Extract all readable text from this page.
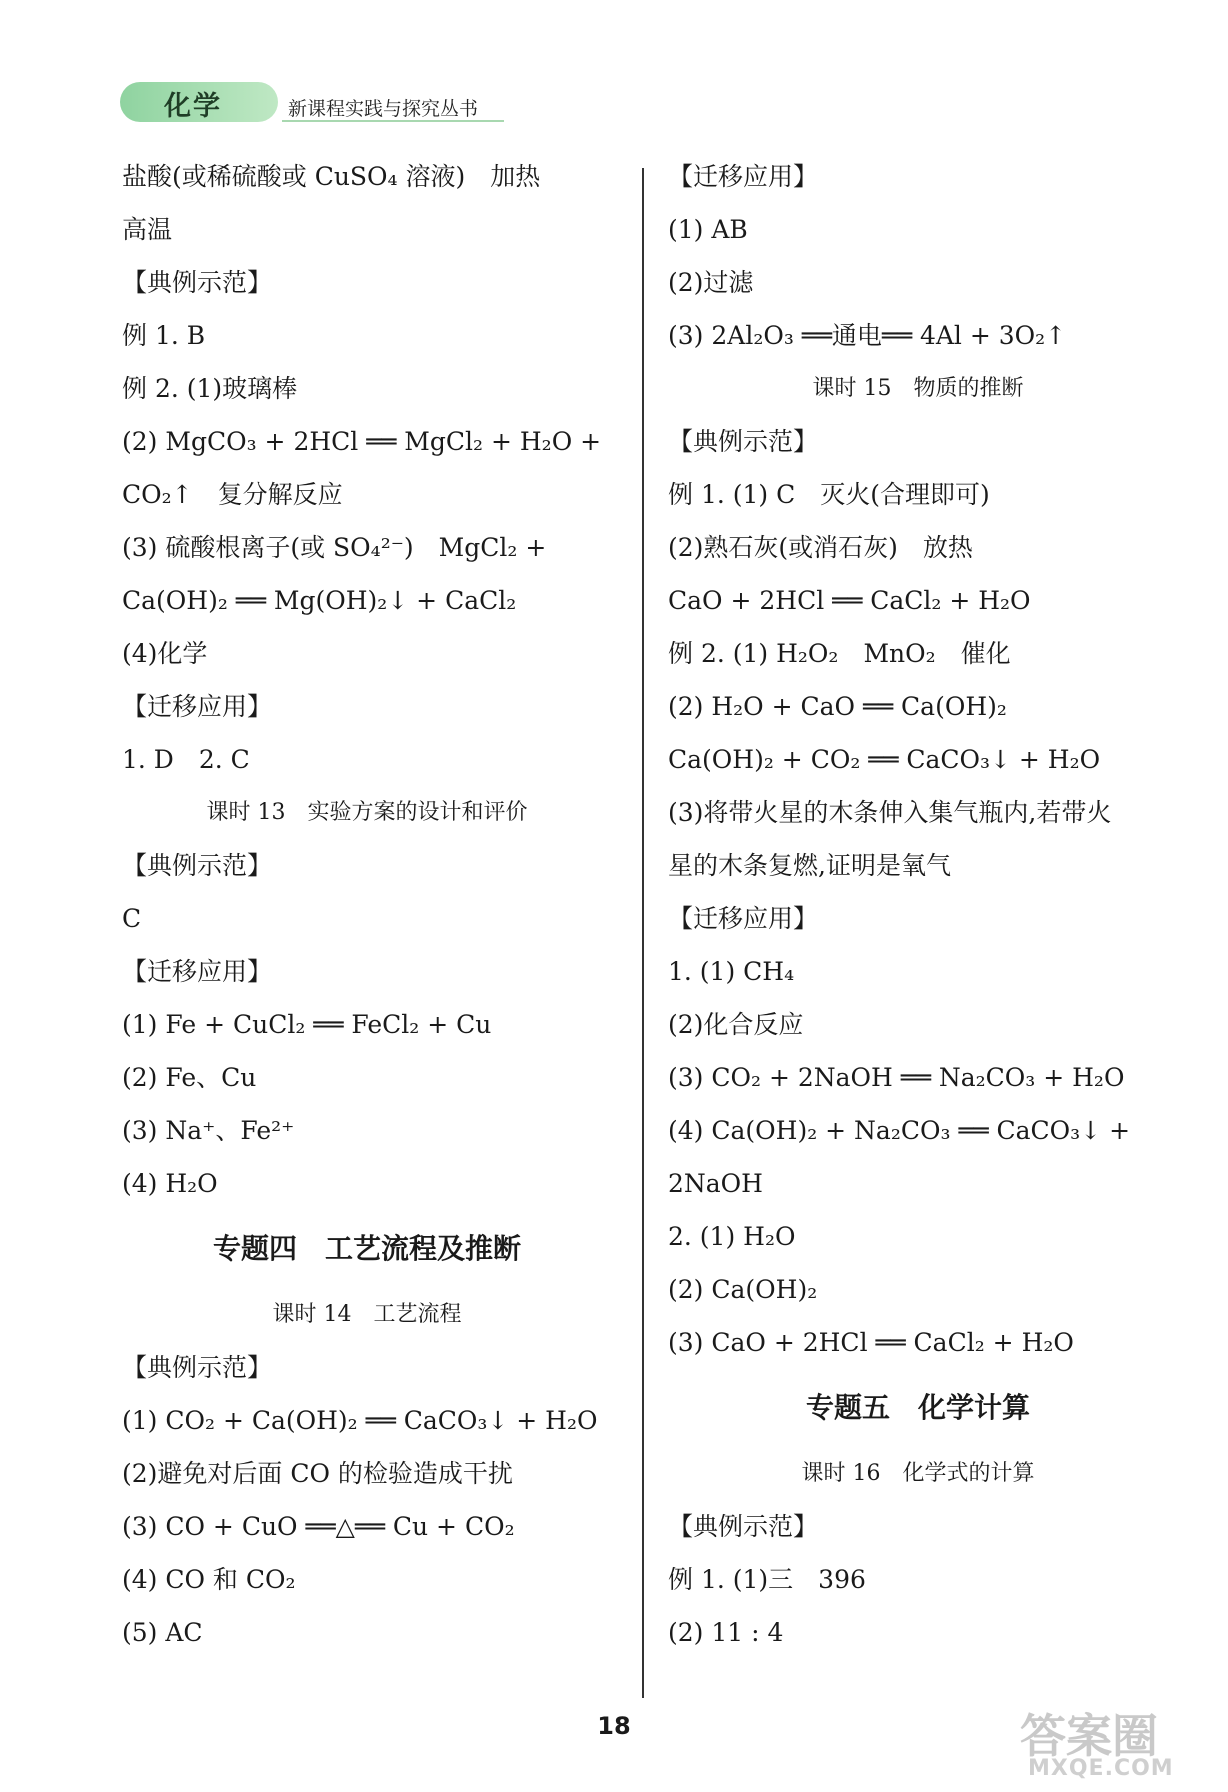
化学	新课程实践与探究丛书
盐酸(或稀硫酸或 CuSO₄ 溶液)　加热
高温
【典例示范】
例 1. B
例 2. (1)玻璃棒
(2) MgCO₃ + 2HCl ══ MgCl₂ + H₂O +
CO₂↑　复分解反应
(3) 硫酸根离子(或 SO₄²⁻)　MgCl₂ +
Ca(OH)₂ ══ Mg(OH)₂↓ + CaCl₂
(4)化学
【迁移应用】
1. D　2. C
课时 13　实验方案的设计和评价
【典例示范】
C
【迁移应用】
(1) Fe + CuCl₂ ══ FeCl₂ + Cu
(2) Fe、Cu
(3) Na⁺、Fe²⁺
(4) H₂O
专题四　工艺流程及推断
课时 14　工艺流程
【典例示范】
(1) CO₂ + Ca(OH)₂ ══ CaCO₃↓ + H₂O
(2)避免对后面 CO 的检验造成干扰
(3) CO + CuO ══△══ Cu + CO₂
(4) CO 和 CO₂
(5) AC
【迁移应用】
(1) AB
(2)过滤
(3) 2Al₂O₃ ══通电══ 4Al + 3O₂↑
课时 15　物质的推断
【典例示范】
例 1. (1) C　灭火(合理即可)
(2)熟石灰(或消石灰)　放热
CaO + 2HCl ══ CaCl₂ + H₂O
例 2. (1) H₂O₂　MnO₂　催化
(2) H₂O + CaO ══ Ca(OH)₂
Ca(OH)₂ + CO₂ ══ CaCO₃↓ + H₂O
(3)将带火星的木条伸入集气瓶内,若带火
星的木条复燃,证明是氧气
【迁移应用】
1. (1) CH₄
(2)化合反应
(3) CO₂ + 2NaOH ══ Na₂CO₃ + H₂O
(4) Ca(OH)₂ + Na₂CO₃ ══ CaCO₃↓ +
2NaOH
2. (1) H₂O
(2) Ca(OH)₂
(3) CaO + 2HCl ══ CaCl₂ + H₂O
专题五　化学计算
课时 16　化学式的计算
【典例示范】
例 1. (1)三　396
(2) 11 : 4
18	答案圈
MXQE.COM
